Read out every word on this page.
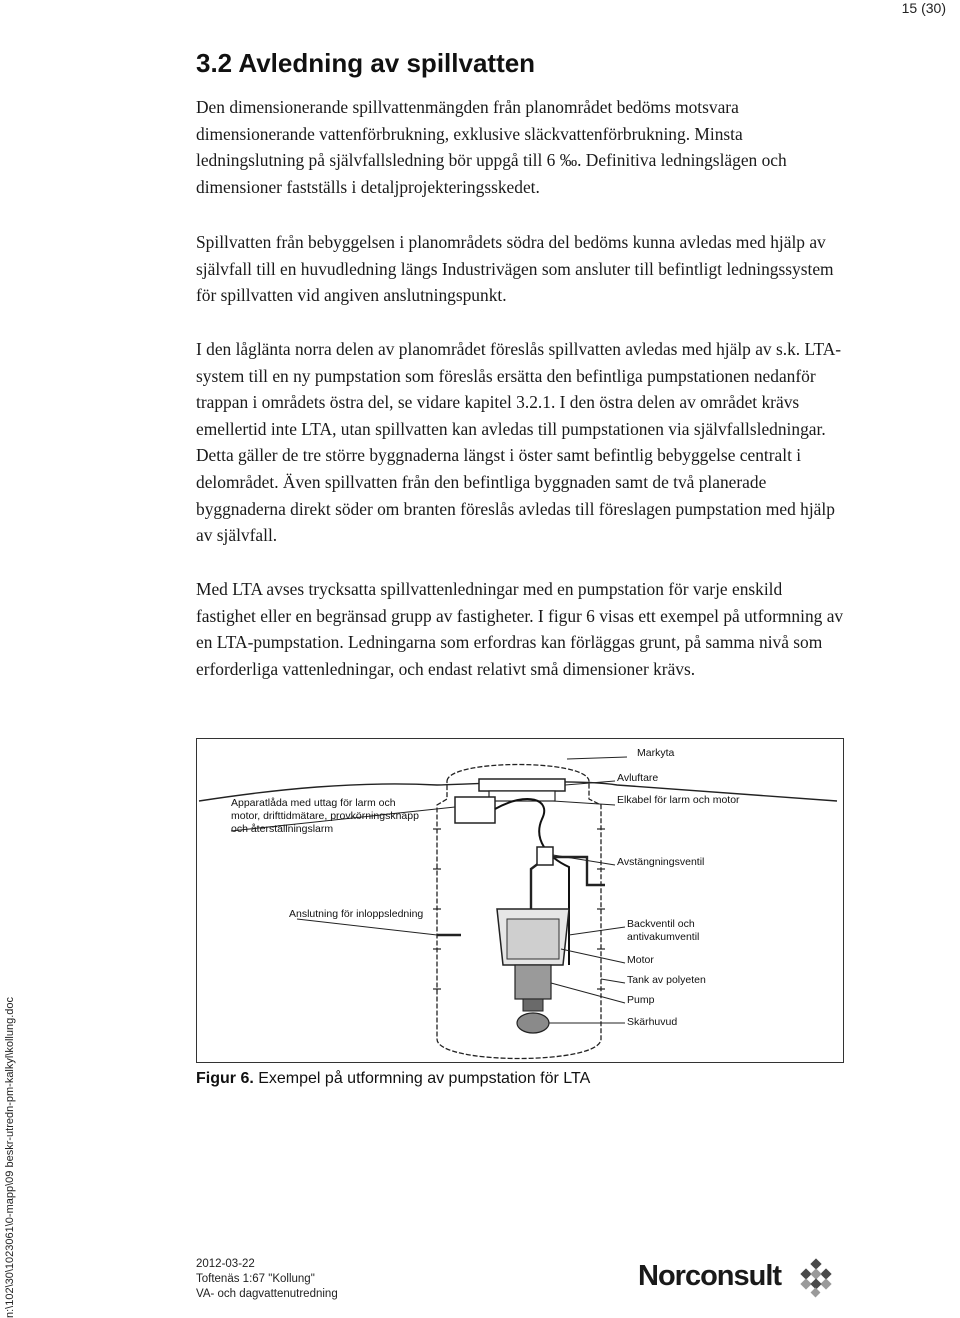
15 (30)
n:\102\30\1023061\0-mapp\09 beskr-utredn-pm-kalkyl\kollung.doc
3.2 Avledning av spillvatten

Den dimensionerande spillvattenmängden från planområdet bedöms motsvara dimensionerande vattenförbrukning, exklusive släckvattenförbrukning. Minsta ledningslutning på självfallsledning bör uppgå till 6 ‰. Definitiva ledningslägen och dimensioner fastställs i detaljprojekteringsskedet.

Spillvatten från bebyggelsen i planområdets södra del bedöms kunna avledas med hjälp av självfall till en huvudledning längs Industrivägen som ansluter till befintligt ledningssystem för spillvatten vid angiven anslutningspunkt.

I den låglänta norra delen av planområdet föreslås spillvatten avledas med hjälp av s.k. LTA-system till en ny pumpstation som föreslås ersätta den befintliga pumpstationen nedanför trappan i områdets östra del, se vidare kapitel 3.2.1. I den östra delen av området krävs emellertid inte LTA, utan spillvatten kan avledas till pumpstationen via självfallsledningar. Detta gäller de tre större byggnaderna längst i öster samt befintlig bebyggelse centralt i delområdet. Även spillvatten från den befintliga byggnaden samt de två planerade byggnaderna direkt söder om branten föreslås avledas till föreslagen pumpstation med hjälp av självfall.

Med LTA avses trycksatta spillvattenledningar med en pumpstation för varje enskild fastighet eller en begränsad grupp av fastigheter. I figur 6 visas ett exempel på utformning av en LTA-pumpstation. Ledningarna som erfordras kan förläggas grunt, på samma nivå som erforderliga vattenledningar, och endast relativt små dimensioner krävs.

Markyta
Avluftare
Elkabel för larm och motor
Apparatlåda med uttag för larm och
motor, drifttidmätare, provkörningsknapp
och återställningslarm
Avstängningsventil
Anslutning för inloppsledning
Backventil och
antivakumventil
Motor
Tank av polyeten
Pump
Skärhuvud
Figur 6. Exempel på utformning av pumpstation för LTA
2012-03-22
Toftenäs 1:67 "Kollung"
VA- och dagvattenutredning
Norconsult
